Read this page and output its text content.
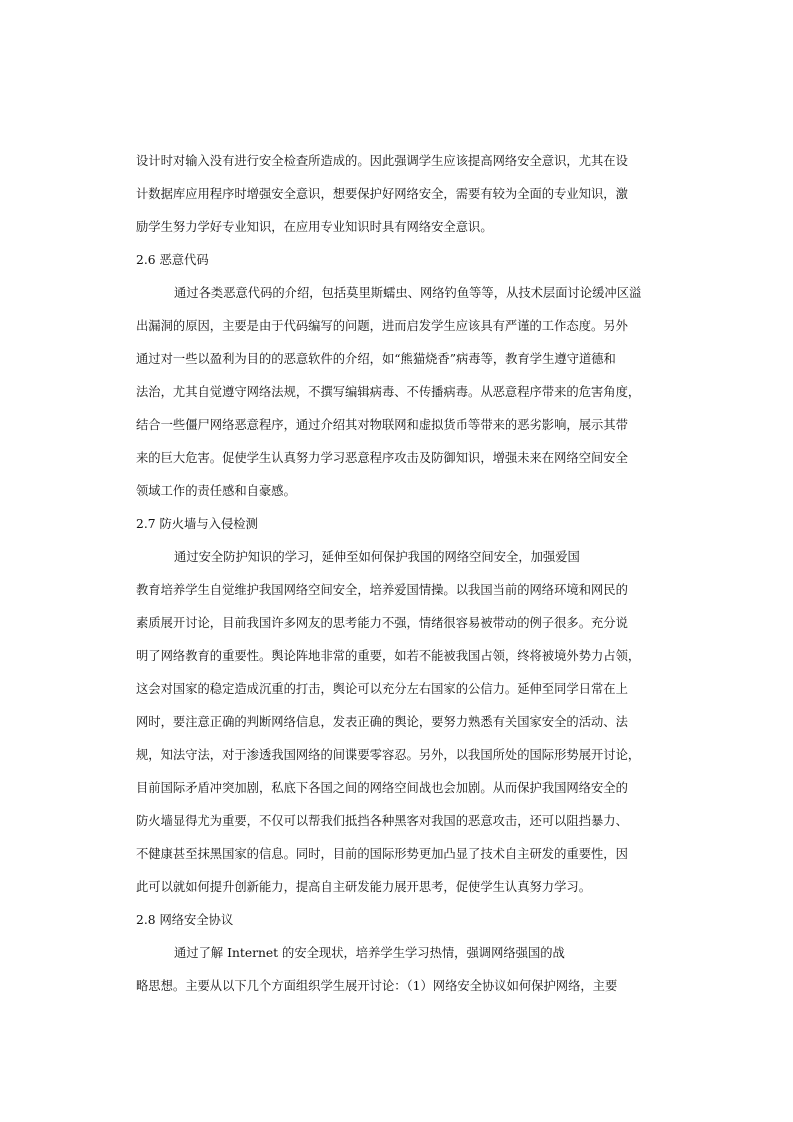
设计时对输入没有进行安全检查所造成的。因此强调学生应该提高网络安全意识，尤其在设
计数据库应用程序时增强安全意识，想要保护好网络安全，需要有较为全面的专业知识，激
励学生努力学好专业知识，在应用专业知识时具有网络安全意识。
2.6 恶意代码
通过各类恶意代码的介绍，包括莫里斯蠕虫、网络钓鱼等等，从技术层面讨论缓冲区溢
出漏洞的原因，主要是由于代码编写的问题，进而启发学生应该具有严谨的工作态度。另外
通过对一些以盈利为目的的恶意软件的介绍，如“熊猫烧香”病毒等，教育学生遵守道德和
法治，尤其自觉遵守网络法规，不撰写编辑病毒、不传播病毒。从恶意程序带来的危害角度，
结合一些僵尸网络恶意程序，通过介绍其对物联网和虚拟货币等带来的恶劣影响，展示其带
来的巨大危害。促使学生认真努力学习恶意程序攻击及防御知识，增强未来在网络空间安全
领域工作的责任感和自豪感。
2.7 防火墙与入侵检测
通过安全防护知识的学习，延伸至如何保护我国的网络空间安全，加强爱国
教育培养学生自觉维护我国网络空间安全，培养爱国情操。以我国当前的网络环境和网民的
素质展开讨论，目前我国许多网友的思考能力不强，情绪很容易被带动的例子很多。充分说
明了网络教育的重要性。舆论阵地非常的重要，如若不能被我国占领，终将被境外势力占领，
这会对国家的稳定造成沉重的打击，舆论可以充分左右国家的公信力。延伸至同学日常在上
网时，要注意正确的判断网络信息，发表正确的舆论，要努力熟悉有关国家安全的活动、法
规，知法守法，对于渗透我国网络的间谍要零容忍。另外，以我国所处的国际形势展开讨论，
目前国际矛盾冲突加剧，私底下各国之间的网络空间战也会加剧。从而保护我国网络安全的
防火墙显得尤为重要，不仅可以帮我们抵挡各种黑客对我国的恶意攻击，还可以阻挡暴力、
不健康甚至抹黑国家的信息。同时，目前的国际形势更加凸显了技术自主研发的重要性，因
此可以就如何提升创新能力，提高自主研发能力展开思考，促使学生认真努力学习。
2.8 网络安全协议
通过了解 Internet 的安全现状，培养学生学习热情，强调网络强国的战
略思想。主要从以下几个方面组织学生展开讨论：（1）网络安全协议如何保护网络，主要
